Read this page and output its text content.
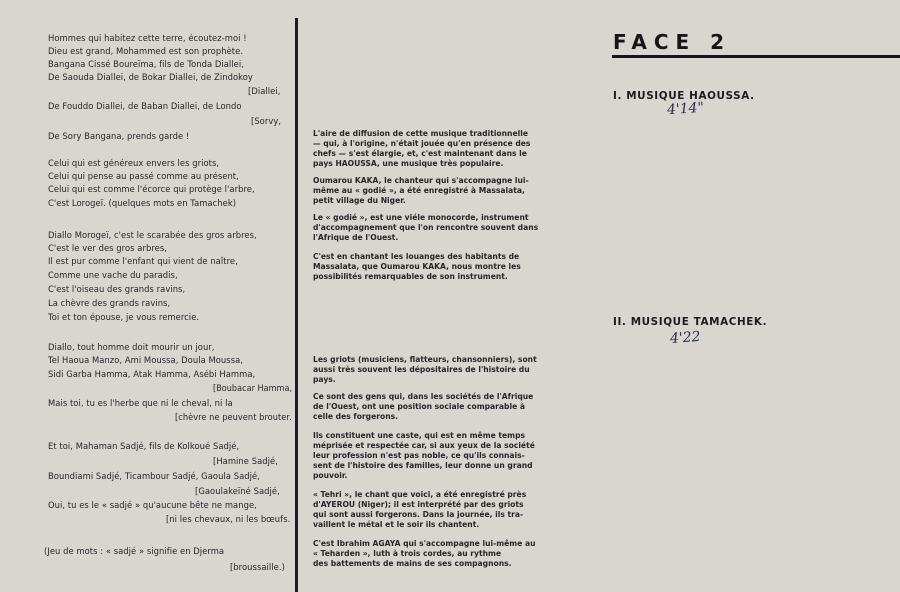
Hommes qui habitez cette terre, écoutez-moi !
Dieu est grand, Mohammed est son prophète.
Bangana Cissé Boureïma, fils de Tonda Diallei,
De Saouda Diallei, de Bokar Diallei, de Zindokoy
[Diallei,
De Fouddo Diallei, de Baban Diallei, de Londo
[Sorvy,
De Sory Bangana, prends garde !
Celui qui est généreux envers les griots,
Celui qui pense au passé comme au présent,
Celui qui est comme l'écorce qui protège l'arbre,
C'est Lorogeï. (quelques mots en Tamachek)
Diallo Morogeï, c'est le scarabée des gros arbres,
C'est le ver des gros arbres,
Il est pur comme l'enfant qui vient de naître,
Comme une vache du paradis,
C'est l'oiseau des grands ravins,
La chèvre des grands ravins,
Toi et ton épouse, je vous remercie.
Diallo, tout homme doit mourir un jour,
Tel Haoua Manzo, Ami Moussa, Doula Moussa,
Sidi Garba Hamma, Atak Hamma, Asébi Hamma,
[Boubacar Hamma,
Mais toi, tu es l'herbe que ni le cheval, ni la
[chèvre ne peuvent brouter.
Et toi, Mahaman Sadjé, fils de Kolkoué Sadjé,
[Hamine Sadjé,
Boundiami Sadjé, Ticambour Sadjé, Gaoula Sadjé,
[Gaoulakeïné Sadjé,
Oui, tu es le « sadjé » qu'aucune bête ne mange,
[ni les chevaux, ni les bœufs.
(Jeu de mots : « sadjé » signifie en Djerma
[broussaille.)
FACE 2
I. MUSIQUE HAOUSSA.
4'14"
L'aire de diffusion de cette musique traditionnelle
— qui, à l'origine, n'était jouée qu'en présence des
chefs — s'est élargie, et, c'est maintenant dans le
pays HAOUSSA, une musique très populaire.
Oumarou KAKA, le chanteur qui s'accompagne lui-
même au « godié », a été enregistré à Massalata,
petit village du Niger.
Le « godié », est une viéle monocorde, instrument
d'accompagnement que l'on rencontre souvent dans
l'Afrique de l'Ouest.
C'est en chantant les louanges des habitants de
Massalata, que Oumarou KAKA, nous montre les
possibilités remarquables de son instrument.
II. MUSIQUE TAMACHEK.
4'22
Les griots (musiciens, flatteurs, chansonniers), sont
aussi très souvent les dépositaires de l'histoire du
pays.
Ce sont des gens qui, dans les sociétés de l'Afrique
de l'Ouest, ont une position sociale comparable à
celle des forgerons.
Ils constituent une caste, qui est en même temps
méprisée et respectée car, si aux yeux de la société
leur profession n'est pas noble, ce qu'ils connais-
sent de l'histoire des familles, leur donne un grand
pouvoir.
« Tehri », le chant que voici, a été enregistré près
d'AYEROU (Niger); il est interprété par des griots
qui sont aussi forgerons. Dans la journée, ils tra-
vaillent le métal et le soir ils chantent.
C'est Ibrahim AGAYA qui s'accompagne lui-même au
« Teharden », luth à trois cordes, au rythme
des battements de mains de ses compagnons.
